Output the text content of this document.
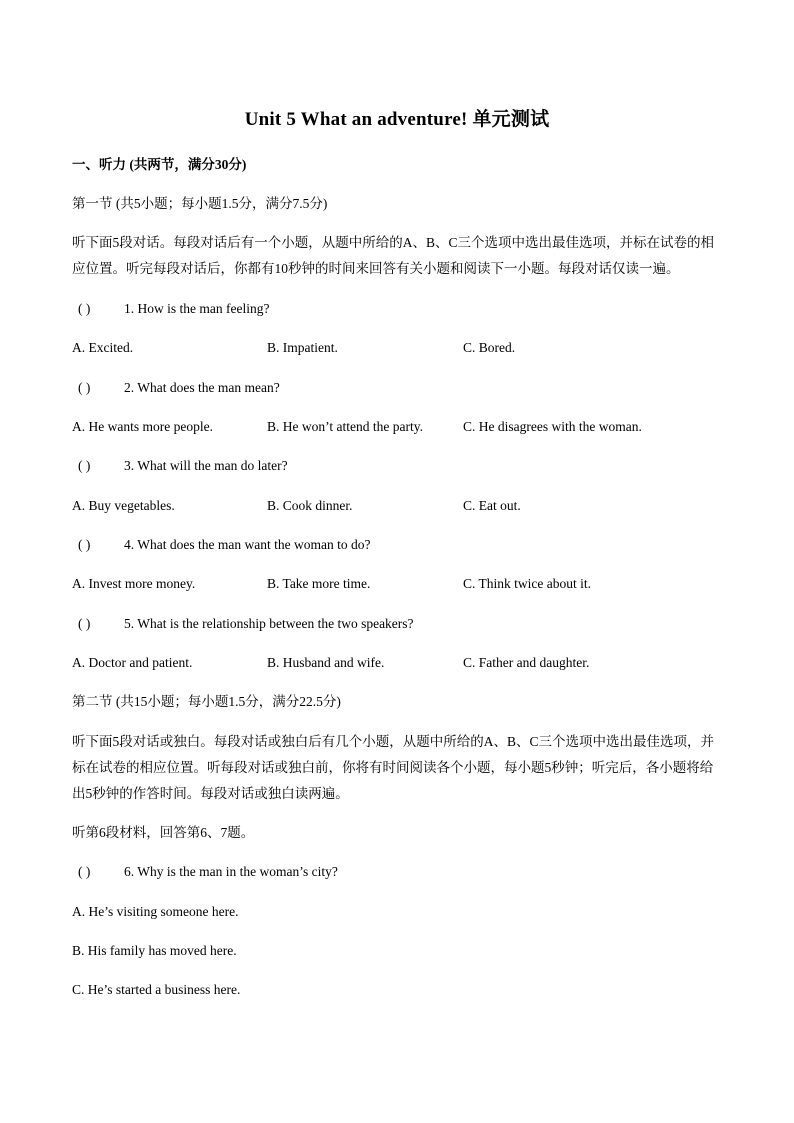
Unit 5 What an adventure! 单元测试
一、听力 (共两节，满分30分)
第一节 (共5小题；每小题1.5分，满分7.5分)
听下面5段对话。每段对话后有一个小题，从题中所给的A、B、C三个选项中选出最佳选项，并标在试卷的相应位置。听完每段对话后，你都有10秒钟的时间来回答有关小题和阅读下一小题。每段对话仅读一遍。
( ) 1. How is the man feeling?
A. Excited.	B. Impatient.	C. Bored.
( ) 2. What does the man mean?
A. He wants more people.	B. He won’t attend the party.	C. He disagrees with the woman.
( ) 3. What will the man do later?
A. Buy vegetables.	B. Cook dinner.	C. Eat out.
( ) 4. What does the man want the woman to do?
A. Invest more money.	B. Take more time.	C. Think twice about it.
( ) 5. What is the relationship between the two speakers?
A. Doctor and patient.	B. Husband and wife.	C. Father and daughter.
第二节 (共15小题；每小题1.5分，满分22.5分)
听下面5段对话或独白。每段对话或独白后有几个小题，从题中所给的A、B、C三个选项中选出最佳选项，并标在试卷的相应位置。听每段对话或独白前，你将有时间阅读各个小题，每小题5秒钟；听完后，各小题将给出5秒钟的作答时间。每段对话或独白读两遍。
听第6段材料，回答第6、7题。
( ) 6. Why is the man in the woman’s city?
A. He’s visiting someone here.
B. His family has moved here.
C. He’s started a business here.
